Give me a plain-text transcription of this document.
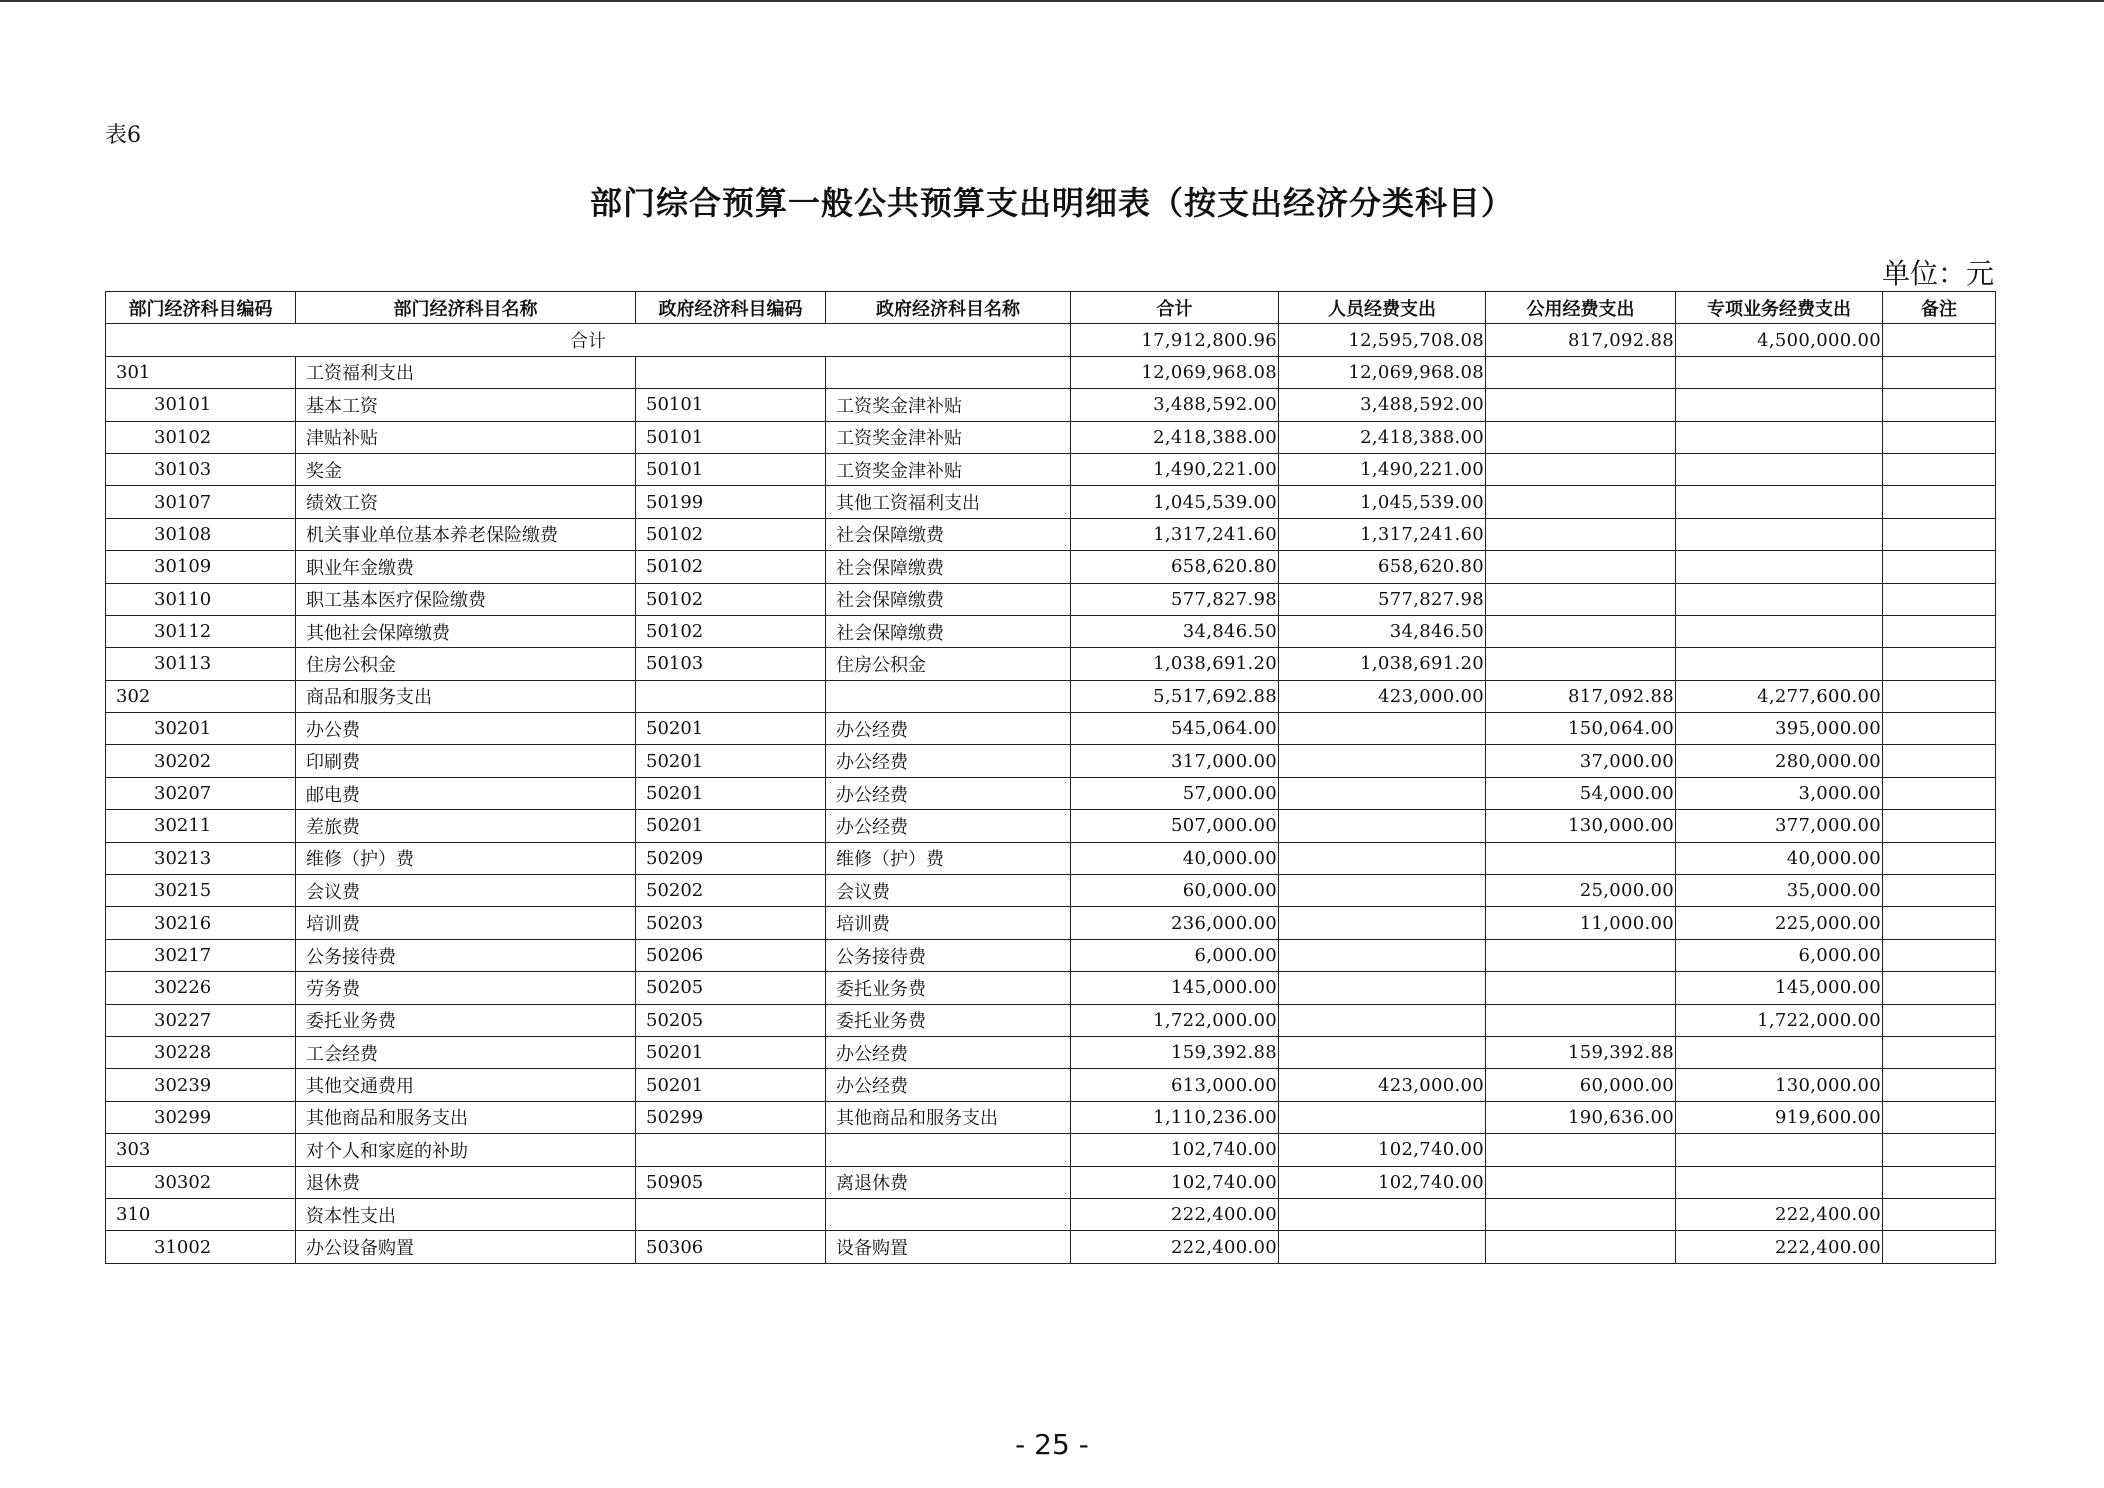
表6
部门综合预算一般公共预算支出明细表（按支出经济分类科目）
单位：元
部门经济科目编码	部门经济科目名称	政府经济科目编码	政府经济科目名称	合计	人员经费支出	公用经费支出	专项业务经费支出	备注
合计				17,912,800.96	12,595,708.08	817,092.88	4,500,000.00	
301	工资福利支出			12,069,968.08	12,069,968.08			
30101	基本工资	50101	工资奖金津补贴	3,488,592.00	3,488,592.00			
30102	津贴补贴	50101	工资奖金津补贴	2,418,388.00	2,418,388.00			
30103	奖金	50101	工资奖金津补贴	1,490,221.00	1,490,221.00			
30107	绩效工资	50199	其他工资福利支出	1,045,539.00	1,045,539.00			
30108	机关事业单位基本养老保险缴费	50102	社会保障缴费	1,317,241.60	1,317,241.60			
30109	职业年金缴费	50102	社会保障缴费	658,620.80	658,620.80			
30110	职工基本医疗保险缴费	50102	社会保障缴费	577,827.98	577,827.98			
30112	其他社会保障缴费	50102	社会保障缴费	34,846.50	34,846.50			
30113	住房公积金	50103	住房公积金	1,038,691.20	1,038,691.20			
302	商品和服务支出			5,517,692.88	423,000.00	817,092.88	4,277,600.00	
30201	办公费	50201	办公经费	545,064.00		150,064.00	395,000.00	
30202	印刷费	50201	办公经费	317,000.00		37,000.00	280,000.00	
30207	邮电费	50201	办公经费	57,000.00		54,000.00	3,000.00	
30211	差旅费	50201	办公经费	507,000.00		130,000.00	377,000.00	
30213	维修（护）费	50209	维修（护）费	40,000.00			40,000.00	
30215	会议费	50202	会议费	60,000.00		25,000.00	35,000.00	
30216	培训费	50203	培训费	236,000.00		11,000.00	225,000.00	
30217	公务接待费	50206	公务接待费	6,000.00			6,000.00	
30226	劳务费	50205	委托业务费	145,000.00			145,000.00	
30227	委托业务费	50205	委托业务费	1,722,000.00			1,722,000.00	
30228	工会经费	50201	办公经费	159,392.88		159,392.88		
30239	其他交通费用	50201	办公经费	613,000.00	423,000.00	60,000.00	130,000.00	
30299	其他商品和服务支出	50299	其他商品和服务支出	1,110,236.00		190,636.00	919,600.00	
303	对个人和家庭的补助			102,740.00	102,740.00			
30302	退休费	50905	离退休费	102,740.00	102,740.00			
310	资本性支出			222,400.00			222,400.00	
31002	办公设备购置	50306	设备购置	222,400.00			222,400.00	
- 25 -
